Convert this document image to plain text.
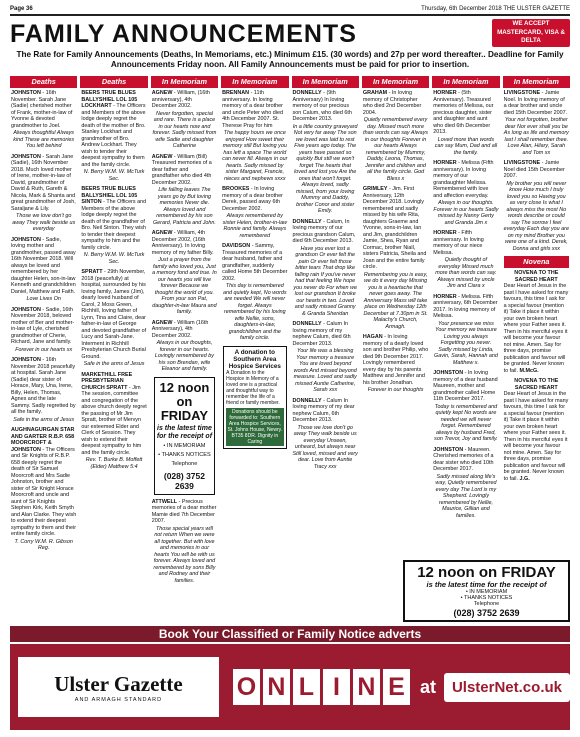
Page 36	Thursday, 6th December 2018 THE ULSTER GAZETTE
FAMILY ANNOUNCEMENTS	WE ACCEPT MASTERCARD, VISA & DELTA
The Rate for Family Announcements (Deaths, In Memoriams, etc.) Minimum £15. (30 words) and 27p per word thereafter.. Deadline for Family Announcements Friday noon. All Family Announcements must be paid for prior to insertion.
Deaths
JOHNSTON - 16th November. Sarah Jane (Sadie) cherished mother of Frank, mother-in-law of Yvonne & devoted grandmother to Joel.
Always thoughtful Always kind These are memories You left behind
JOHNSTON - Sarah Jane (Sadie), 16th November 2018. Much loved mother of Irene, mother-in-law of David, grandmother of David & Ruth, Gareth & Nicola, Mark & Shanta and great grandmother of Josh, Saraljane & Lily.
Those we love don't go away They walk beside us everyday
JOHNSTON - Sadie, loving mother and grandmother, passed away 16th November 2018. Will always be loved and remembered by her daughter Helen, son-in-law Kenneth and grandchildren Daniel, Matthew and Faith.
Love Lives On
JOHNSTON - Sadie, 16th November 2018, beloved mother of Ber and mother-in-law of Lyle, cherished grandmother of Cherie, Richard, Jane and family.
Forever in our hearts xx
JOHNSTON - 16th November 2018 peacefully at hospital. Sarah Jane (Sadie) dear sister of Horace, Mary, Una, Irene, Billy, Helen, Thomas, Agnes and the late Sammy. Sadly regretted by all the family.
Safe in the arms of Jesus
AUGHNAGURGAN STAR AND GARTER R.B.P. 658 MOORCROFT & JOHNSTON - The Officers and Sir Knights of R.B.P. 658 deeply regret the death of Sir Samuel Moorcroft and Mrs Sadie Johnston, brother and sister of Sir Knight Horace Moorcroft and uncle and aunt of Sir Knights Stephen Kirk, Keith Smyth and Alan Clarke. They wish to extend their deepest sympathy to them and their entire family circle.
T. Corry W.M. R. Gibson Reg.
Deaths
BEERS TRUE BLUES BALLYSHIEL LOL 105 LOCKHART - The Officers and Members of the above lodge deeply regret the death of the mother of Bro. Stanley Lockhart and grandmother of Bro. Andrew Lockhart. They wish to tender their deepest sympathy to them and the family circle.
N. Berry W.M. W. McTurk Sec.
BEERS TRUE BLUES BALLYSHIEL LOL 105 SINTON - The Officers and Members of the above lodge deeply regret the death of the grandfather of Bro. Neil Sinton. They wish to tender their deepest sympathy to him and the family circle.
N. Berry W.M. W. McTurk Sec.
SPRATT - 29th November, 2018 (peacefully) at hospital, surrounded by his loving family, James (Jim), dearly loved husband of Carol, 2 Moss Green, Richhill, loving father of Lynn, Tina and Claire, dear father-in-law of George and devoted grandfather of Lucy and Sarah-Jane. Interment in Richhill Presbyterian Church Burial Ground.
Safe in the arms of Jesus
MARKETHILL FREE PRESBYTERIAN CHURCH SPRATT - Jim The session, committee and congregation of the above church deeply regret the passing of Mr Jim Spratt, brother of Mervyn our esteemed Elder and Clerk of Session. They wish to extend their deepest sympathy to him and the family circle.
Rev. T. Burke B. Moffett (Elder) Matthew 5:4
In Memoriam
AGNEW - William, (16th anniversary), 4th December 2002.
Never forgotten, special and rare. There is a place in our hearts now and forever. Sadly missed from wife Sadie and daughter Catherine
AGNEW - William (Bill) Treasured memories of a dear father and grandfather who died 4th December 2002.
Life falling leaves The years go by But loving memories Never die. Always loved and remembered by his son Gerard, Patricia and John.
AGNEW - William, 4th December 2002, (16th Anniversary). In loving memory of my father Billy.
Just a prayer from the family who loved you, Just a memory fond and true. In our hearts you will live forever Because we thought the world of you. From your son Pat, daughter-in-law Maura and family.
AGNEW - William (16th Anniversary), 4th December 2002.
Always in our thoughts, forever in our hearts. Lovingly remembered by his son Brendan, wife Eleanor and family.
12 noon on FRIDAY
is the latest time for the receipt of
• IN MEMORIAM
• THANKS NOTICES
Telephone
(028) 3752 2639
ATTWELL - Precious memories of a dear mother Mamie died 7th December 2007.
Those special years will not return When we were all together. But with love and memories in our hearts You will be with us forever. Always loved and remembered by sons Billy and Rodney and their families.
In Memoriam
BRENNAN - 11th anniversary. In loving memory of a dear brother and uncle Peter who died 4th December 2007. St. Therese Pray for him
The happy hours we once enjoyed How sweet their memory still But loving you has left a space The world can never fill. Always in our hearts. Sadly missed by sister Margaret, Francie, nieces and nephews xxxx
BROOKES - In loving memory of a dear brother Derek, passed away 6th December 2002.
Always remembered by sister Helen, brother-in-law Ronnie and family. Always remembered
DAVIDSON - Sammy, Treasured memories of a dear husband, father and grandfather, suddenly called Home 5th December 2002.
This day is remembered and quietly kept, No words are needed We will never forget. Always remembered by his loving wife Nellie, sons, daughters-in-law, grandchildren and the family circle.
A donation to Southern Area Hospice Services
A Donation to the Hospice in Memory of a loved one is a practical and thoughtful way to remember the life of a friend or family member.
Donations should be forwarded to: Southern Area Hospice Services, St. Johns House, Newry. BT35 8DR. Dignity in Caring
In Memoriam
DONNELLY - (9th Anniversary) In loving memory of our precious son Calum, who died 6th December 2013.
In a little country graveyard Not very far away The son we loved was laid to rest Five years ago today. The years have passed so quickly But still we won't forget The hearts that loved and lost you Are the ones that won't forget. Always loved, sadly missed, from your loving Mummy and Daddy, brother Conor and sister Emily.
DONNELLY - Calum, In loving memory of our precious grandson Calum, died 6th December 2013.
Have you ever lost a grandson Or ever felt the pain Or ever felt those bitter tears That drop like falling rain If you've never had that feeling We hope you never do For when we lost our grandson It broke our hearts in two. Loved and sadly missed Granny & Granda Sheridan
DONNELLY - Calum In loving memory of my nephew Calum, died 6th December 2013.
Your life was a blessing Your memory a treasure You are loved beyond words And missed beyond measure. Loved and sadly missed Auntie Catherine, Sarah xxx
DONNELLY - Calum In loving memory of my dear nephew Calum, 6th December 2013.
Those we love don't go away They walk beside us everyday Unseen, unheard, but always near Still loved, missed and very dear. Love from Auntie Tracy xxx
In Memoriam
GRAHAM - In loving memory of Christopher who died 2nd December 2004.
Quietly remembered every day. Missed much more than words can say Always in our thoughts Forever in our hearts Always remembered by Mummy, Daddy, Leona, Thomas, Jennifer and children and all the family circle. God Bless x
GRIMLEY - Jim. First Anniversary, 12th December 2018. Lovingly remembered and sadly missed by his wife Rita, daughters Graeme and Yvonne, sons-in-law, Ian and Jim, grandchildren Jamie, Shea, Ryan and Cormac, brother Niall, sisters Patricia, Sheila and Joan and the entire family circle.
Remembering you is easy, we do it every day Missing you is a heartache that never goes away. The Anniversary Mass will take place on Wednesday 12th December at 7.30pm in St. Malachy's Church, Armagh.
HAGAN - In loving memory of a dearly loved son and brother Philip, who died 9th December 2017. Lovingly remembered every day by his parents Matthew and Jennifer and his brother Jonathan.
Forever in our thoughts
In Memoriam
HORNER - (5th Anniversary). Treasured memories of Melissa, our precious daughter, sister and daughter and aunt who died 6th December 2013.
Loved more than words can say Mum, Dad and all the family.
HORNER - Melissa (Fifth anniversary). In loving memory of our grandaughter Melissa. Remembered with love and affection everyday.
Always in our thoughts. Forever in our hearts Sadly missed by Nanny Gerty and Granda Jim x
HORNER - Fifth anniversary. In loving memory of our niece Melissa.
Quietly thought of everyday Missed much more than words can say. Always missed by uncle Jim and Ciara x
HORNER - Melissa. Fifth anniversary, 6th December 2017. In loving memory of Melissa.
Your presence we miss Your memory we treasure Loving you always Forgetting you never. Sadly missed by Linda, Gavin, Sarah, Hannah and Matthew x.
JOHNSTON - In loving memory of a dear husband Maureen, mother and grandmother called Home 11th December 2017.
Today is remembered and quietly kept No words are needed we will never forget. Remembered always by husband Fred, son Trevor, Joy and family.
JOHNSTON - Maureen. Cherished memories of a dear sister who died 10th December 2017.
Sadly missed along life's way, Quietly remembered every day The Lord is my Shepherd. Lovingly remembered by Nellie, Maurice, Gillian and families.
In Memoriam
LIVINGSTONE - Jamie Noel. In loving memory of a dear brother and uncle died 15th December 2007.
Your not forgotten, brother dear Nor ever shall you be As long as life and memory last I shall remember thee. Love Alan, Hilary, Sarah and Tom xx
LIVINGSTONE - Jamie Noel died 15th December 2007.
My brother you will never know How much I truly loved you so Having you as very close Is what I always miss the most No words describe or could say The sorrow I feel everyday Each day you are on my mind Brother you were one of a kind. Derek, Donna and girls xxx
Novena
NOVENA TO THE SACRED HEART
Dear Heart of Jesus in the past I have asked for many favours, this time I ask for a special favour (mention it) Take it place it within your own broken heart where your Father sees it. Then in his merciful eyes it will become your favour not mine. Amen. Say for three days, promise publication and favour will be granted. Never known to fail. M.McG.
NOVENA TO THE SACRED HEART
Dear Heart of Jesus in the past I have asked for many favours, this time I ask for a special favour (mention it) Take it place it within your own broken heart where your Father sees it. Then in his merciful eyes it will become your favour not mine. Amen. Say for three days, promise publication and favour will be granted. Never known to fail. J.G.
12 noon on FRIDAY
is the latest time for the receipt of
• IN MEMORIAM
• THANKS NOTICES
Telephone
(028) 3752 2639
Book Your Classified or Family Notice adverts
Ulster Gazette
AND ARMAGH STANDARD	O N L I N E at	UlsterNet.co.uk
